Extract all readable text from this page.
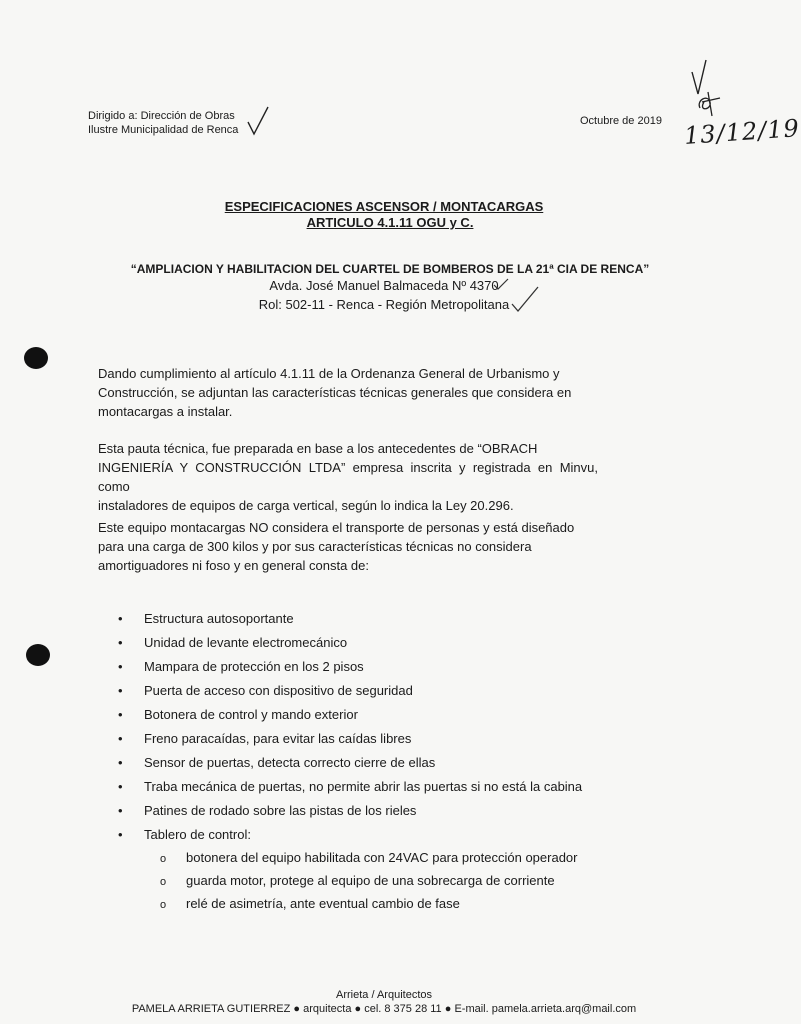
Dirigido a: Dirección de Obras
Ilustre Municipalidad de Renca
Octubre de 2019 13/12/19
ESPECIFICACIONES ASCENSOR / MONTACARGAS
ARTICULO 4.1.11 OGU y C.
“AMPLIACION Y HABILITACION DEL CUARTEL DE BOMBEROS DE LA 21ª CIA DE RENCA”
Avda. José Manuel Balmaceda Nº 4370
Rol: 502-11 - Renca - Región Metropolitana
Dando cumplimiento al artículo 4.1.11 de la Ordenanza General de Urbanismo y
Construcción, se adjuntan las características técnicas generales que considera en
montacargas a instalar.
Esta pauta técnica, fue preparada en base a los antecedentes de “OBRACH
INGENIERÍA Y CONSTRUCCIÓN LTDA” empresa inscrita y registrada en Minvu, como
instaladores de equipos de carga vertical, según lo indica la Ley 20.296.
Este equipo montacargas NO considera el transporte de personas y está diseñado
para una carga de 300 kilos y por sus características técnicas no considera
amortiguadores ni foso y en general consta de:
• Estructura autosoportante
• Unidad de levante electromecánico
• Mampara de protección en los 2 pisos
• Puerta de acceso con dispositivo de seguridad
• Botonera de control y mando exterior
• Freno paracaídas, para evitar las caídas libres
• Sensor de puertas, detecta correcto cierre de ellas
• Traba mecánica de puertas, no permite abrir las puertas si no está la cabina
• Patines de rodado sobre las pistas de los rieles
• Tablero de control:
o botonera del equipo habilitada con 24VAC para protección operador
o guarda motor, protege al equipo de una sobrecarga de corriente
o relé de asimetría, ante eventual cambio de fase
Arrieta / Arquitectos
PAMELA ARRIETA GUTIERREZ ● arquitecta ● cel. 8 375 28 11 ● E-mail. pamela.arrieta.arq@mail.com
